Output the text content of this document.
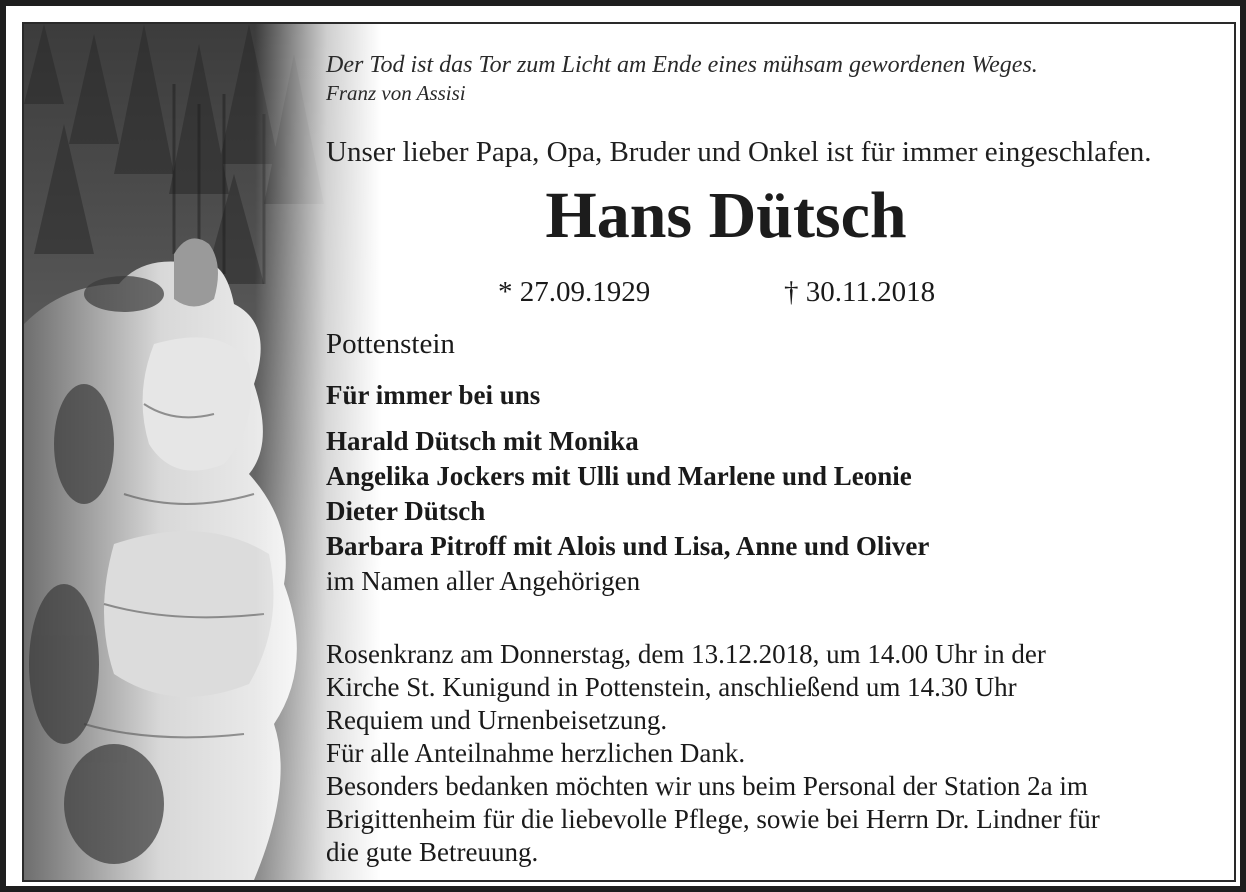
Der Tod ist das Tor zum Licht am Ende eines mühsam gewordenen Weges.
Franz von Assisi
Unser lieber Papa, Opa, Bruder und Onkel ist für immer eingeschlafen.
Hans Dütsch
* 27.09.1929	† 30.11.2018
Pottenstein
Für immer bei uns
Harald Dütsch mit Monika
Angelika Jockers mit Ulli und Marlene und Leonie
Dieter Dütsch
Barbara Pitroff mit Alois und Lisa, Anne und Oliver
im Namen aller Angehörigen

Rosenkranz am Donnerstag, dem 13.12.2018, um 14.00 Uhr in der

Kirche St. Kunigund in Pottenstein, anschließend um 14.30 Uhr

Requiem und Urnenbeisetzung.

Für alle Anteilnahme herzlichen Dank.

Besonders bedanken möchten wir uns beim Personal der Station 2a im

Brigittenheim für die liebevolle Pflege, sowie bei Herrn Dr. Lindner für

die gute Betreuung.
